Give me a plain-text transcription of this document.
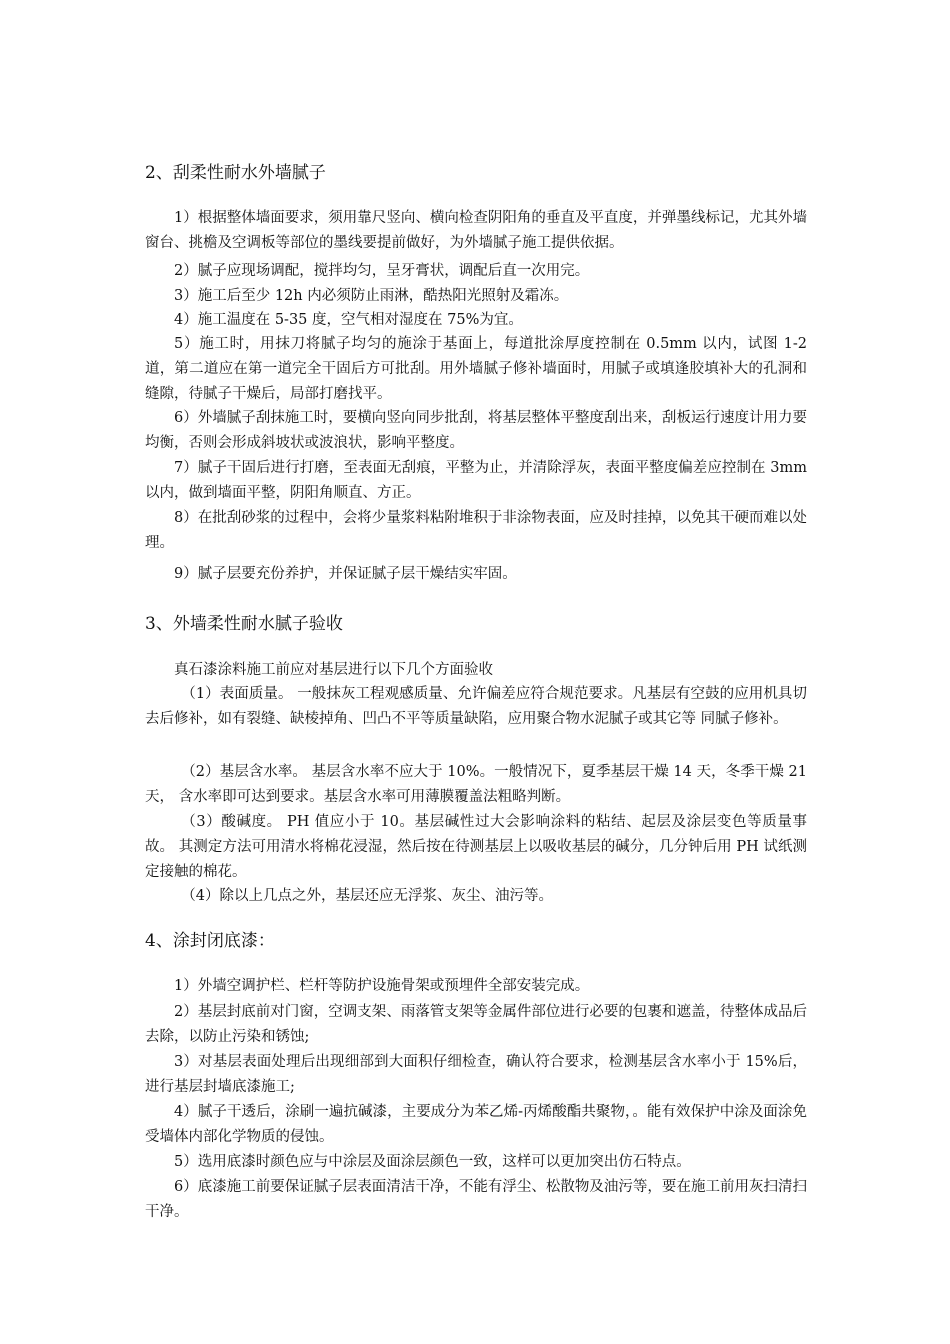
2、刮柔性耐水外墙腻子
1）根据整体墙面要求，须用靠尺竖向、横向检查阴阳角的垂直及平直度，并弹墨线标记，尤其外墙窗台、挑檐及空调板等部位的墨线要提前做好，为外墙腻子施工提供依据。
2）腻子应现场调配，搅拌均匀，呈牙膏状，调配后直一次用完。
3）施工后至少 12h 内必须防止雨淋，酷热阳光照射及霜冻。
4）施工温度在 5-35 度，空气相对湿度在 75%为宜。
5）施工时，用抹刀将腻子均匀的施涂于基面上，每道批涂厚度控制在 0.5mm 以内，试图 1-2 道，第二道应在第一道完全干固后方可批刮。用外墙腻子修补墙面时，用腻子或填逢胶填补大的孔洞和缝隙，待腻子干燥后，局部打磨找平。
6）外墙腻子刮抹施工时，要横向竖向同步批刮，将基层整体平整度刮出来，刮板运行速度计用力要均衡，否则会形成斜坡状或波浪状，影响平整度。
7）腻子干固后进行打磨，至表面无刮痕，平整为止，并清除浮灰，表面平整度偏差应控制在 3mm 以内，做到墙面平整，阴阳角顺直、方正。
8）在批刮砂浆的过程中，会将少量浆料粘附堆积于非涂物表面，应及时挂掉，以免其干硬而难以处理。
9）腻子层要充份养护，并保证腻子层干燥结实牢固。
3、外墙柔性耐水腻子验收
真石漆涂料施工前应对基层进行以下几个方面验收
（1）表面质量。 一般抹灰工程观感质量、允许偏差应符合规范要求。凡基层有空鼓的应用机具切去后修补，如有裂缝、缺棱掉角、凹凸不平等质量缺陷，应用聚合物水泥腻子或其它等 同腻子修补。
（2）基层含水率。 基层含水率不应大于 10%。一般情况下，夏季基层干燥 14 天，冬季干燥 21 天， 含水率即可达到要求。基层含水率可用薄膜覆盖法粗略判断。
（3）酸碱度。 PH 值应小于 10。基层碱性过大会影响涂料的粘结、起层及涂层变色等质量事故。 其测定方法可用清水将棉花浸湿，然后按在待测基层上以吸收基层的碱分，几分钟后用 PH 试纸测定接触的棉花。
（4）除以上几点之外，基层还应无浮浆、灰尘、油污等。
4、涂封闭底漆：
1）外墙空调护栏、栏杆等防护设施骨架或预埋件全部安装完成。
2）基层封底前对门窗，空调支架、雨落管支架等金属件部位进行必要的包裹和遮盖，待整体成品后去除，以防止污染和锈蚀;
3）对基层表面处理后出现细部到大面积仔细检查，确认符合要求，检测基层含水率小于 15%后，进行基层封墙底漆施工;
4）腻子干透后，涂刷一遍抗碱漆，主要成分为苯乙烯-丙烯酸酯共聚物，。能有效保护中涂及面涂免受墙体内部化学物质的侵蚀。
5）选用底漆时颜色应与中涂层及面涂层颜色一致，这样可以更加突出仿石特点。
6）底漆施工前要保证腻子层表面清洁干净，不能有浮尘、松散物及油污等，要在施工前用灰扫清扫干净。
